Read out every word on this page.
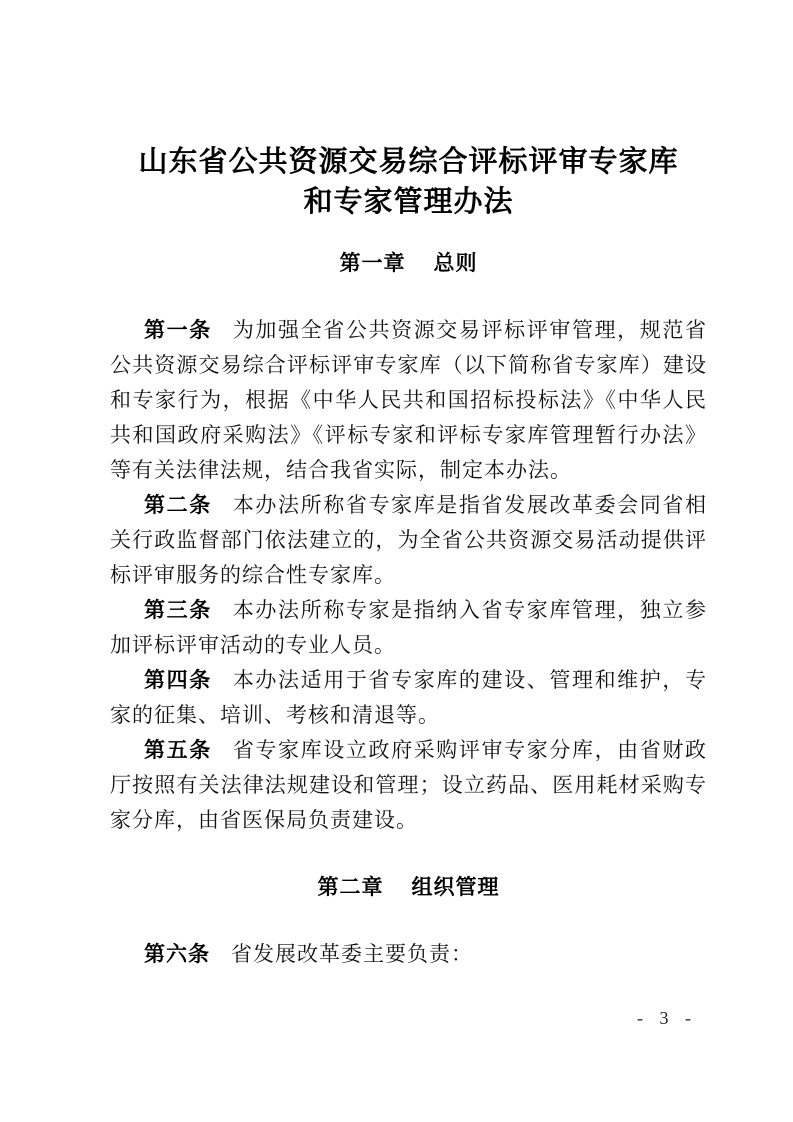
山东省公共资源交易综合评标评审专家库
和专家管理办法
第一章 总则

第一条 为加强全省公共资源交易评标评审管理，规范省公共资源交易综合评标评审专家库（以下简称省专家库）建设和专家行为，根据《中华人民共和国招标投标法》《中华人民共和国政府采购法》《评标专家和评标专家库管理暂行办法》等有关法律法规，结合我省实际，制定本办法。

第二条 本办法所称省专家库是指省发展改革委会同省相关行政监督部门依法建立的，为全省公共资源交易活动提供评标评审服务的综合性专家库。

第三条 本办法所称专家是指纳入省专家库管理，独立参加评标评审活动的专业人员。

第四条 本办法适用于省专家库的建设、管理和维护，专家的征集、培训、考核和清退等。

第五条 省专家库设立政府采购评审专家分库，由省财政厅按照有关法律法规建设和管理；设立药品、医用耗材采购专家分库，由省医保局负责建设。

第二章 组织管理

第六条 省发展改革委主要负责：

- 3 -
